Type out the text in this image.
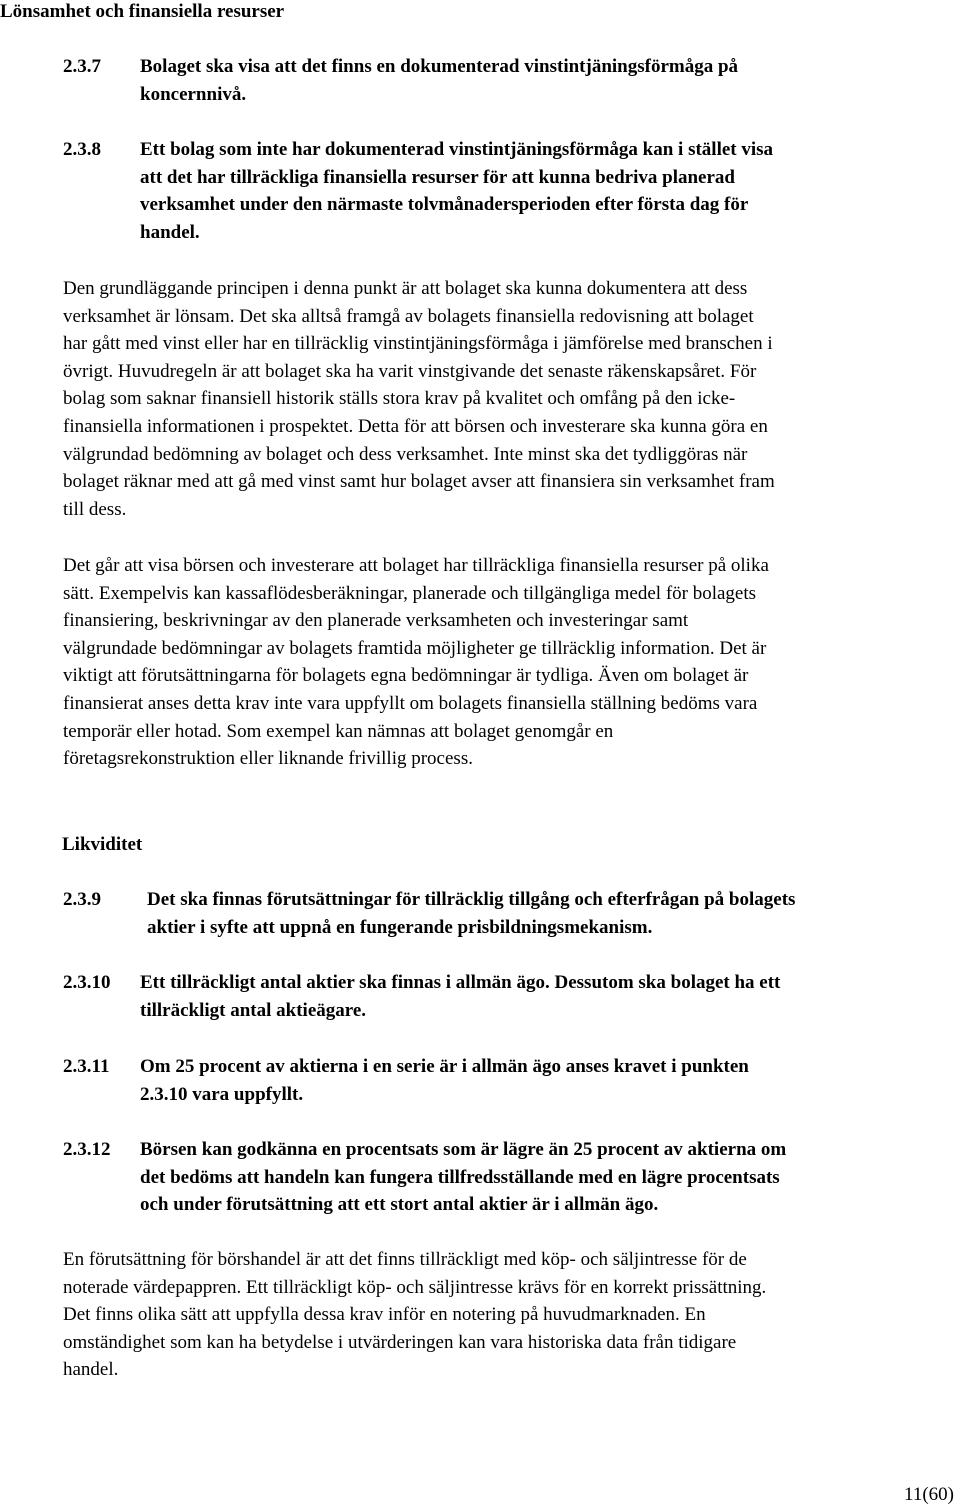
Lönsamhet och finansiella resurser
2.3.7 Bolaget ska visa att det finns en dokumenterad vinstintjäningsförmåga på
koncernnivå.
2.3.8 Ett bolag som inte har dokumenterad vinstintjäningsförmåga kan i stället visa
att det har tillräckliga finansiella resurser för att kunna bedriva planerad
verksamhet under den närmaste tolvmånadersperioden efter första dag för
handel.
Den grundläggande principen i denna punkt är att bolaget ska kunna dokumentera att dess
verksamhet är lönsam. Det ska alltså framgå av bolagets finansiella redovisning att bolaget
har gått med vinst eller har en tillräcklig vinstintjäningsförmåga i jämförelse med branschen i
övrigt. Huvudregeln är att bolaget ska ha varit vinstgivande det senaste räkenskapsåret. För
bolag som saknar finansiell historik ställs stora krav på kvalitet och omfång på den icke-
finansiella informationen i prospektet. Detta för att börsen och investerare ska kunna göra en
välgrundad bedömning av bolaget och dess verksamhet. Inte minst ska det tydliggöras när
bolaget räknar med att gå med vinst samt hur bolaget avser att finansiera sin verksamhet fram
till dess.
Det går att visa börsen och investerare att bolaget har tillräckliga finansiella resurser på olika
sätt. Exempelvis kan kassaflödesberäkningar, planerade och tillgängliga medel för bolagets
finansiering, beskrivningar av den planerade verksamheten och investeringar samt
välgrundade bedömningar av bolagets framtida möjligheter ge tillräcklig information. Det är
viktigt att förutsättningarna för bolagets egna bedömningar är tydliga. Även om bolaget är
finansierat anses detta krav inte vara uppfyllt om bolagets finansiella ställning bedöms vara
temporär eller hotad. Som exempel kan nämnas att bolaget genomgår en
företagsrekonstruktion eller liknande frivillig process.
Likviditet
2.3.9 Det ska finnas förutsättningar för tillräcklig tillgång och efterfrågan på bolagets
aktier i syfte att uppnå en fungerande prisbildningsmekanism.
2.3.10 Ett tillräckligt antal aktier ska finnas i allmän ägo. Dessutom ska bolaget ha ett
tillräckligt antal aktieägare.
2.3.11 Om 25 procent av aktierna i en serie är i allmän ägo anses kravet i punkten
2.3.10 vara uppfyllt.
2.3.12 Börsen kan godkänna en procentsats som är lägre än 25 procent av aktierna om
det bedöms att handeln kan fungera tillfredsställande med en lägre procentsats
och under förutsättning att ett stort antal aktier är i allmän ägo.
En förutsättning för börshandel är att det finns tillräckligt med köp- och säljintresse för de
noterade värdepappren. Ett tillräckligt köp- och säljintresse krävs för en korrekt prissättning.
Det finns olika sätt att uppfylla dessa krav inför en notering på huvudmarknaden. En
omständighet som kan ha betydelse i utvärderingen kan vara historiska data från tidigare
handel.
11(60)
